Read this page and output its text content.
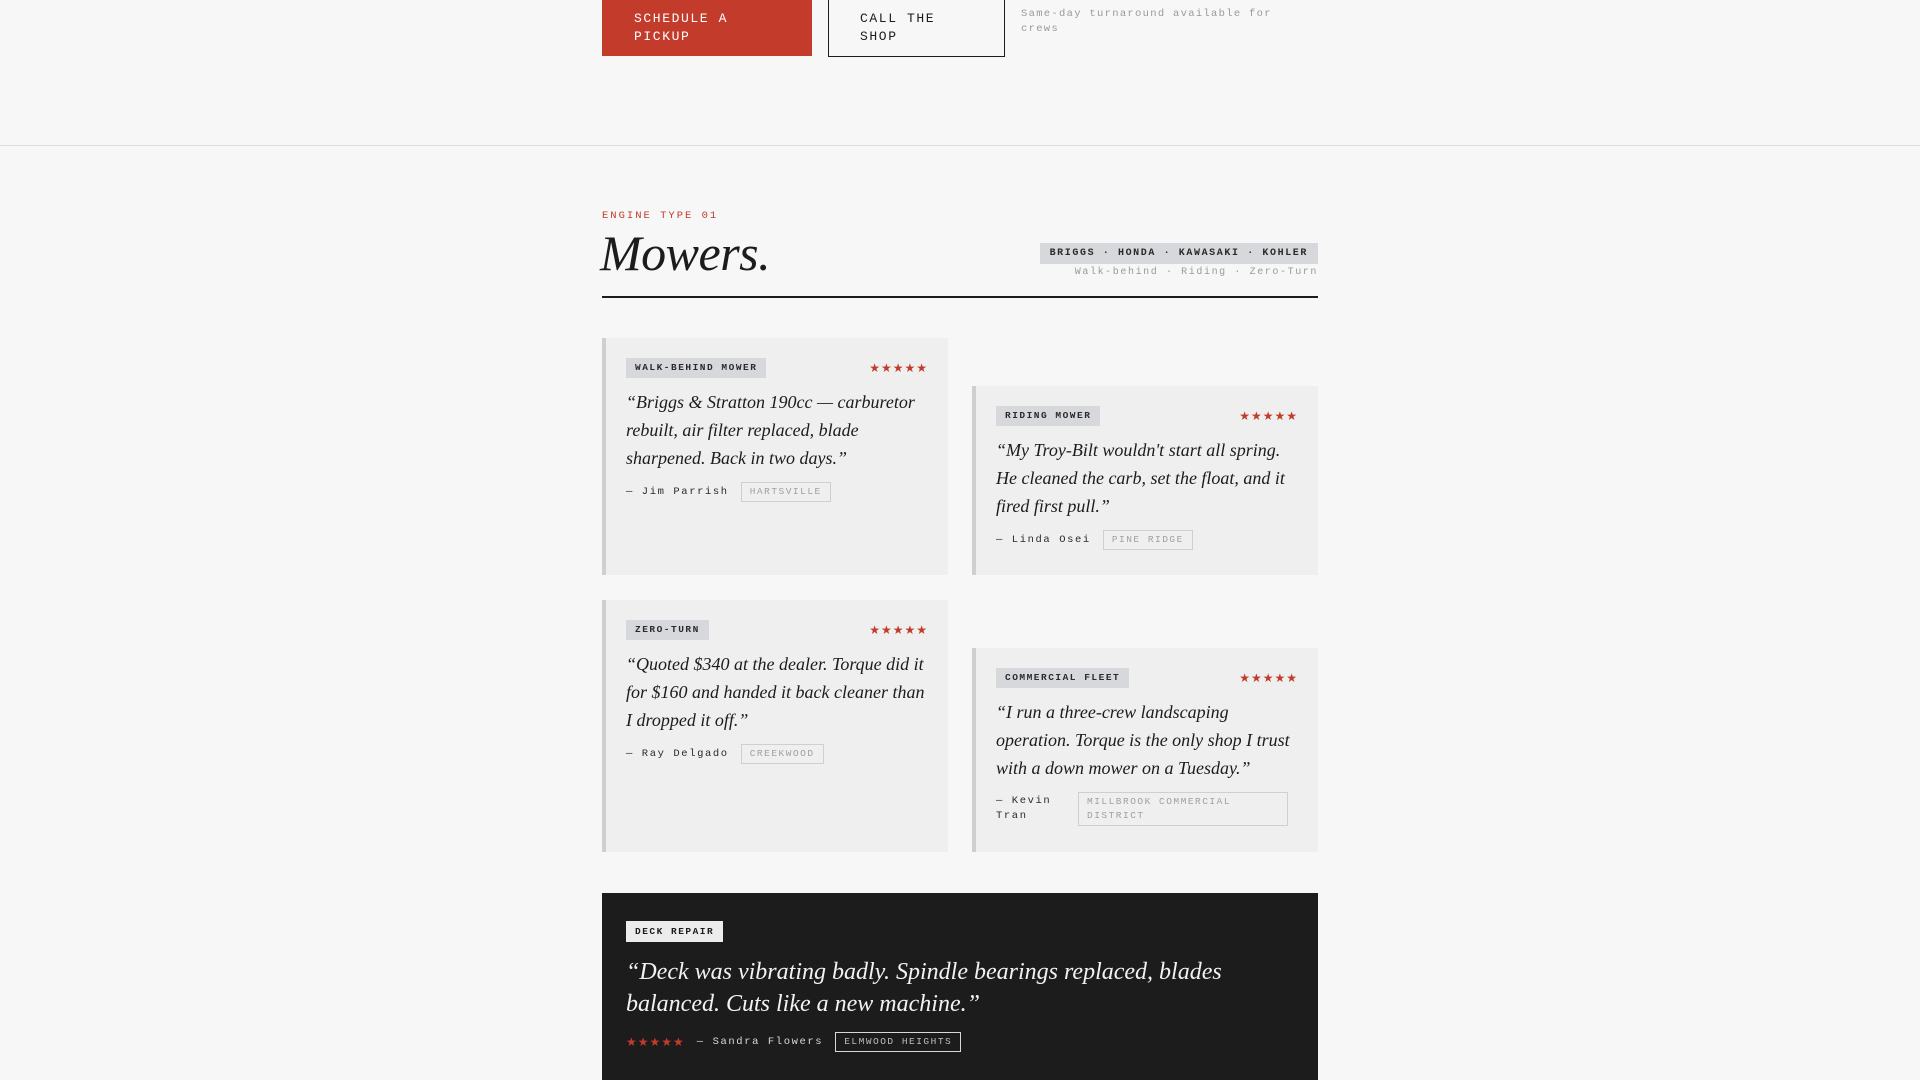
SCHEDULE A PICKUP
CALL THE SHOP
Same-day turnaround available for crews
ENGINE TYPE 01
Mowers.	BRIGGS · HONDA · KAWASAKI · KOHLER
Walk-behind · Riding · Zero-Turn
WALK-BEHIND MOWER	★★★★★

“Briggs & Stratton 190cc — carburetor rebuilt, air filter replaced, blade sharpened. Back in two days.”

— Jim Parrish	HARTSVILLE
RIDING MOWER	★★★★★

“My Troy-Bilt wouldn't start all spring. He cleaned the carb, set the float, and it fired first pull.”

— Linda Osei	PINE RIDGE
ZERO-TURN	★★★★★

“Quoted $340 at the dealer. Torque did it for $160 and handed it back cleaner than I dropped it off.”

— Ray Delgado	CREEKWOOD
COMMERCIAL FLEET	★★★★★

“I run a three-crew landscaping operation. Torque is the only shop I trust with a down mower on a Tuesday.”

— Kevin Tran
MILLBROOK COMMERCIAL DISTRICT
DECK REPAIR

“Deck was vibrating badly. Spindle bearings replaced, blades balanced. Cuts like a new machine.”

★★★★★ — Sandra Flowers	ELMWOOD HEIGHTS
